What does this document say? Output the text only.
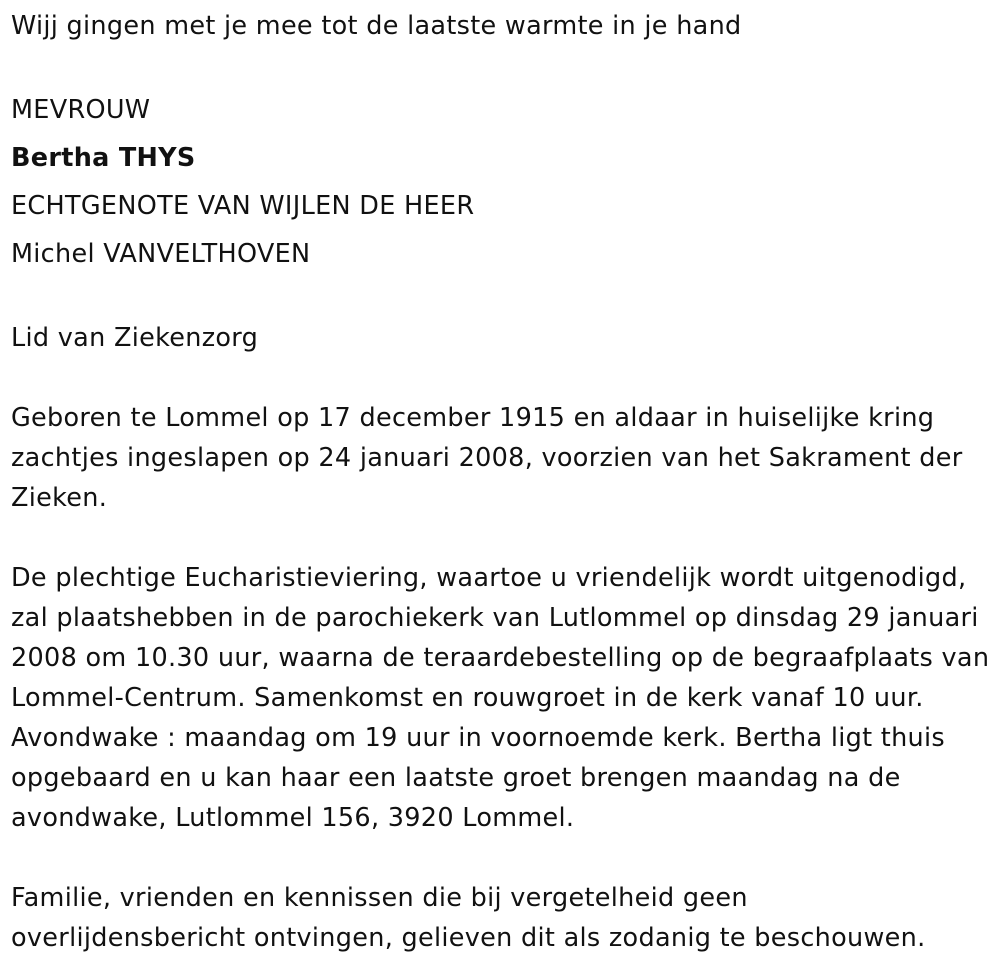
Wijj gingen met je mee tot de laatste warmte in je hand

MEVROUW

Bertha THYS

ECHTGENOTE VAN WIJLEN DE HEER

Michel VANVELTHOVEN

Lid van Ziekenzorg

Geboren te Lommel op 17 december 1915 en aldaar in huiselijke kring zachtjes ingeslapen op 24 januari 2008, voorzien van het Sakrament der Zieken.

De plechtige Eucharistieviering, waartoe u vriendelijk wordt uitgenodigd, zal plaatshebben in de parochiekerk van Lutlommel op dinsdag 29 januari 2008 om 10.30 uur, waarna de teraardebestelling op de begraafplaats van Lommel-Centrum. Samenkomst en rouwgroet in de kerk vanaf 10 uur. Avondwake : maandag om 19 uur in voornoemde kerk. Bertha ligt thuis opgebaard en u kan haar een laatste groet brengen maandag na de avondwake, Lutlommel 156, 3920 Lommel.

Familie, vrienden en kennissen die bij vergetelheid geen overlijdensbericht ontvingen, gelieven dit als zodanig te beschouwen.
